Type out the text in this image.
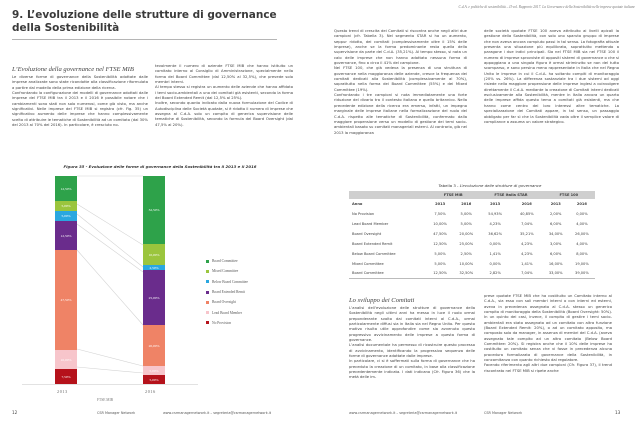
9. L’evoluzione delle strutture di governance
della Sostenibilità
L’Evoluzione della governance nel FTSE MIB

Le diverse forme di governance della Sostenibilità adottate dalle imprese analizzate sono state ricondotte alla classificazione riformulata a partire dal modello della prima edizione della ricerca.

Confrontando la configurazione dei modelli di governance adottati dalle imprese del FTSE MIB tra il 2013 e il 2016 è possibile notare che i cambiamenti sono stati non solo numerosi, come già visto, ma anche significativi. Nelle imprese del FTSE MIB si registra (cfr. Fig. 35) un significativo aumento delle imprese che hanno complessivamente scelto di attribuire le tematiche di Sostenibilità ad un comitato (dal 30% del 2013 al 70% del 2016). In particolare, è cresciuto no-

tevolmente il numero di aziende FTSE MIB che hanno istituito un comitato interno al Consiglio di Amministrazione, specialmente nella forma del Board Committee (dal 12,50% al 32,5%), che prevede solo membri interni.

Al tempo stesso si registra un aumento delle aziende che hanno affidato i temi socio-ambientali a uno dei comitati già esistenti, secondo la forma del Board Extended Remit (dal 12,5% al 25%).

Inoltre, secondo quanto indicato dalla nuova formulazione del Codice di Autodisciplina delle Società quotate, si è ridotto il numero di imprese che assegna al C.d.A. solo un compito di generica supervisione delle tematiche di Sostenibilità, secondo la formula del Board Oversight (dal 47,5% al 20%).

Figura 35 - Evoluzione delle forme di governance della Sostenibilità tra il 2013 e il 2016
12,50%
5,00%
5,00%
12,50%
47,50%
10,00%
7,50%
32,50%
10,00%
2,50%
25,00%
20,00%
5,00%
5,00%
2013	2016
FTSE MIB
Board Committee
Mixed Committee
Below Board Committee
Board Extended Remit
Board Oversight
Lead Board Member
No Provision
12	CSR Manager Network	www.csrmanagernetwork.it – segreteria@csrmanagernetwork.it
C.d.A. e politiche di sostenibilità – II vol. Rapporto 2017. La Governance della Sostenibilità nelle imprese quotate italiane

Questo trend di crescita dei Comitati si riscontra anche negli altri due campioni (cfr. Tabella 3). Nel segmento STAR si ha un aumento, seppur ridotto, dei comitati (complessivamente oltre il 15% delle imprese), anche se la forma predominante resta quella della supervisione da parte del C.d.A. (35,21%). Al tempo stesso, si nota un calo delle imprese che non hanno adottato nessuna forma di governance, fino a circa il 41% del campione.

Nel FTSE 100, che già vedeva la presenza di una struttura di governance nella maggioranza delle aziende, cresce la frequenza dei comitati dedicati alla Sostenibilità (complessivamente al 70%), soprattutto nella forma dei Board Committee (55%) e dei Mixed Committee (19%).

Confrontando i tre campioni si nota immediatamente una forte riduzione del divario tra il contesto italiano e quello britannico. Nella precedente edizione della ricerca era emerso, infatti, un impegno marginale delle imprese italiane nella formalizzazione del ruolo del C.d.A. rispetto alle tematiche di Sostenibilità, confermato dalla maggiore propensione verso un modello di gestione dei temi socio-ambientali basato su comitati manageriali esterni. Al contrario, già nel 2013 la maggioranza

delle società quotate FTSE 100 aveva attribuito ai livelli apicali la gestione della Sostenibilità, con solo uno sparuto gruppo di imprese che non aveva ancora compiuto passi in tal senso. La fotografia attuale presenta una situazione più equilibrata, soprattutto mettendo a paragone i due indici principali. Sia nel FTSE MIB sia nel FTSE 100 il numero di imprese sprovviste di appositi sistemi di governance o che si appoggiano a una singola figura è ormai striminzito se non del tutto scomparso, e sono persino meno rappresentate in Italia che nel Regno Unito le imprese in cui il C.d.A. ha soltanto compiti di monitoraggio (20% vs. 26%). La differenza sostanziale tra i due sistemi ad oggi risiede nella maggiore propensione delle imprese inglesi a coinvolgere direttamente il C.d.A. mediante la creazione di Comitati interni dedicati esclusivamente alla Sostenibilità, mentre in Italia ancora un quarto delle imprese affida questo tema a comitati già esistenti, ma che hanno come centro dei loro interessi altre tematiche. La specializzazione dei Comitati appare, in tal senso, un passaggio obbligato per far sì che la Sostenibilità vada oltre il semplice valore di compliance a assuma un valore strategico.

Tabella 3 - L’evoluzione delle strutture di governance
	FTSE MIB		FTSE Italia STAR		FTSE 100	
Anno	2013	2016	2013	2016	2013	2016
No Provision	7,50%	5,00%	54,93%	40,85%	2,00%	0,00%
Lead Board Member	10,00%	5,00%	4,23%	7,04%	6,00%	4,00%
Board Oversight	47,50%	20,00%	36,62%	35,21%	34,00%	26,00%
Board Extended Remit	12,50%	25,00%	0,00%	4,23%	3,00%	4,00%
Below Board Committee	5,00%	2,50%	1,41%	4,23%	6,00%	8,00%
Mixed Committee	5,00%	10,00%	0,00%	1,41%	16,00%	19,00%
Board Committee	12,50%	32,50%	2,82%	7,04%	33,00%	39,00%
Lo sviluppo dei Comitati

L’analisi dell’evoluzione delle strutture di governance della Sostenibilità negli ultimi anni ha messo in luce il ruolo ormai preponderante svolto dai comitati interni al C.d.A., ormai particolarmente diffusi sia in Italia sia nel Regno Unito. Per questo motivo risulta utile approfondire come sia avvenuto questo progressivo avvicinamento delle imprese a questa forma di governance.

L’analisi documentale ha permesso di ricostruire questo processo di avvicinamento, identificando la progressiva sequenza delle forme di governance adottate dalle imprese.

In particolare, ci si è soffermati sulla forma di governance che ha preceduto la creazione di un comitato, in base alla classificazione precedentemente indicata. I dati indicano (Cfr. Figura 36) che la metà delle im-

prese quotate FTSE MIB che ha costituito un Comitato interno al C.d.A., sia esso con soli membri interni o con interni ed esterni, aveva in precedenza assegnato al C.d.A. stesso un generico compito di monitoraggio della Sostenibilità (Board Oversight: 50%). In un quinto dei casi, invece, il compito di gestire i temi socio-ambientali era stato assegnato ad un comitato con altra funzione (Board Extended Remit: 20%), o ad un comitato apposito, ma composto solo da manager, in assenza di membri del C.d.A. (aveva assegnato tale compito ad un altro comitato (Below Board Committee: 20%). Si registra anche che il 10% delle imprese ha costituito un comitato senza che vi fosse in precedenza alcuna procedura formalizzata di governance della Sostenibilità, in concomitanza con quanto richiesto dal regolatore.

Facendo riferimento agli altri due campioni (Cfr. Figura 37), il trend riscontrato nel FTSE MIB si ripete anche

www.csrmanagernetwork.it – segreteria@csrmanagernetwork.it	CSR Manager Network	13
